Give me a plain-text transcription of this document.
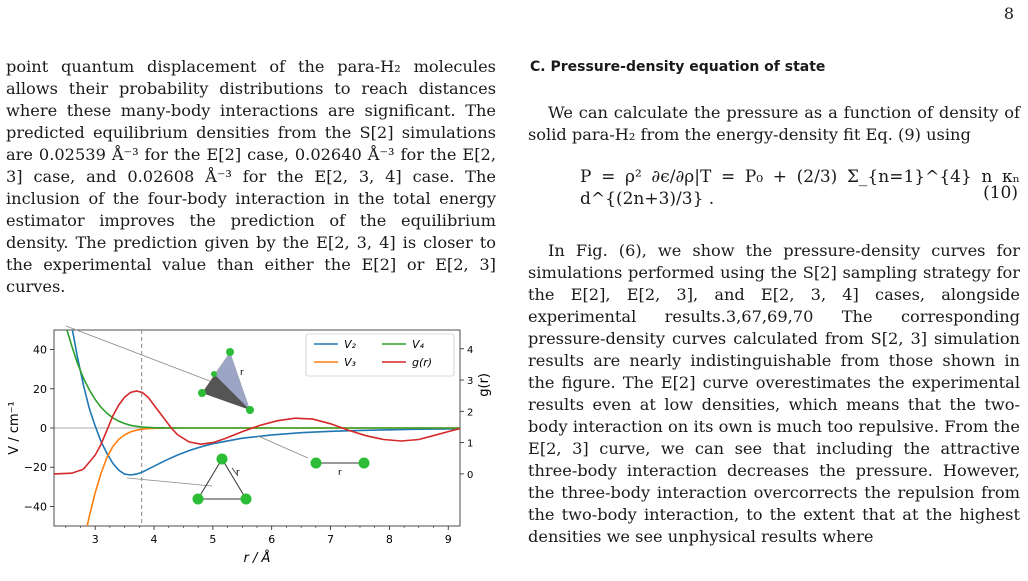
8

point quantum displacement of the para-H₂ molecules allows their probability distributions to reach distances where these many-body interactions are significant. The predicted equilibrium densities from the S[2] simulations are 0.02539 Å⁻³ for the E[2] case, 0.02640 Å⁻³ for the E[2, 3] case, and 0.02608 Å⁻³ for the E[2, 3, 4] case. The inclusion of the four-body interaction in the total energy estimator improves the prediction of the equilibrium density. The prediction given by the E[2, 3, 4] is closer to the experimental value than either the E[2] or E[2, 3] curves.

C. Pressure-density equation of state

We can calculate the pressure as a function of density of solid para-H₂ from the energy-density fit Eq. (9) using

P = ρ² ∂ϵ/∂ρ|T = P₀ + (2/3) Σ_{n=1}^{4} n κₙ d^{(2n+3)/3} .	(10)

In Fig. (6), we show the pressure-density curves for simulations performed using the S[2] sampling strategy for the E[2], E[2, 3], and E[2, 3, 4] cases, alongside experimental results.3,67,69,70 The corresponding pressure-density curves calculated from S[2, 3] simulation results are nearly indistinguishable from those shown in the figure. The E[2] curve overestimates the experimental results even at low densities, which means that the two-body interaction on its own is much too repulsive. From the E[2, 3] curve, we can see that including the attractive three-body interaction decreases the pressure. However, the three-body interaction overcorrects the repulsion from the two-body interaction, to the extent that at the highest densities we see unphysical results where

3	4	5	6	7	8	9
−40
−20
0
20
40
0
1
2
3
4
r / Å
V / cm⁻¹
g(r)
r
r	r
V₂	V₄
V₃	g(r)
